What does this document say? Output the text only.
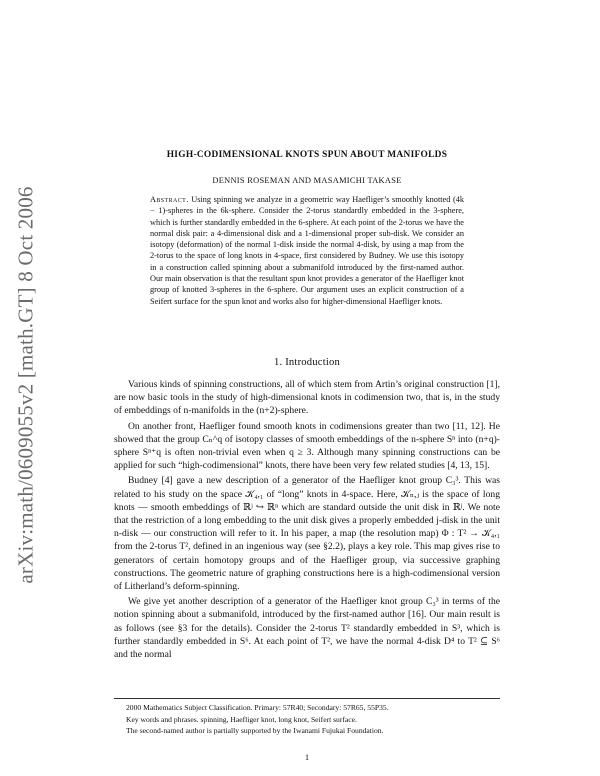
arXiv:math/0609055v2 [math.GT] 8 Oct 2006
HIGH-CODIMENSIONAL KNOTS SPUN ABOUT MANIFOLDS
DENNIS ROSEMAN AND MASAMICHI TAKASE
Abstract. Using spinning we analyze in a geometric way Haefliger’s smoothly knotted (4k − 1)-spheres in the 6k-sphere. Consider the 2-torus standardly embedded in the 3-sphere, which is further standardly embedded in the 6-sphere. At each point of the 2-torus we have the normal disk pair: a 4-dimensional disk and a 1-dimensional proper sub-disk. We consider an isotopy (deformation) of the normal 1-disk inside the normal 4-disk, by using a map from the 2-torus to the space of long knots in 4-space, first considered by Budney. We use this isotopy in a construction called spinning about a submanifold introduced by the first-named author. Our main observation is that the resultant spun knot provides a generator of the Haefliger knot group of knotted 3-spheres in the 6-sphere. Our argument uses an explicit construction of a Seifert surface for the spun knot and works also for higher-dimensional Haefliger knots.
1. Introduction

Various kinds of spinning constructions, all of which stem from Artin’s original construction [1], are now basic tools in the study of high-dimensional knots in codimension two, that is, in the study of embeddings of n-manifolds in the (n+2)-sphere.

On another front, Haefliger found smooth knots in codimensions greater than two [11, 12]. He showed that the group Cₙ^q of isotopy classes of smooth embeddings of the n-sphere Sⁿ into (n+q)-sphere Sⁿ⁺q is often non-trivial even when q ≥ 3. Although many spinning constructions can be applied for such “high-codimensional” knots, there have been very few related studies [4, 13, 15].

Budney [4] gave a new description of a generator of the Haefliger knot group C₃³. This was related to his study on the space 𝒦₄,₁ of “long” knots in 4-space. Here, 𝒦ₙ,ⱼ is the space of long knots — smooth embeddings of ℝʲ ↪ ℝⁿ which are standard outside the unit disk in ℝʲ. We note that the restriction of a long embedding to the unit disk gives a properly embedded j-disk in the unit n-disk — our construction will refer to it. In his paper, a map (the resolution map) Φ : T² → 𝒦₄,₁ from the 2-torus T², defined in an ingenious way (see §2.2), plays a key role. This map gives rise to generators of certain homotopy groups and of the Haefliger group, via successive graphing constructions. The geometric nature of graphing constructions here is a high-codimensional version of Litherland’s deform-spinning.

We give yet another description of a generator of the Haefliger knot group C₃³ in terms of the notion spinning about a submanifold, introduced by the first-named author [16]. Our main result is as follows (see §3 for the details). Consider the 2-torus T² standardly embedded in S³, which is further standardly embedded in S⁶. At each point of T², we have the normal 4-disk D⁴ to T² ⊆ S⁶ and the normal

2000 Mathematics Subject Classification. Primary: 57R40; Secondary: 57R65, 55P35.
Key words and phrases. spinning, Haefliger knot, long knot, Seifert surface.
The second-named author is partially supported by the Iwanami Fujukai Foundation.
1
